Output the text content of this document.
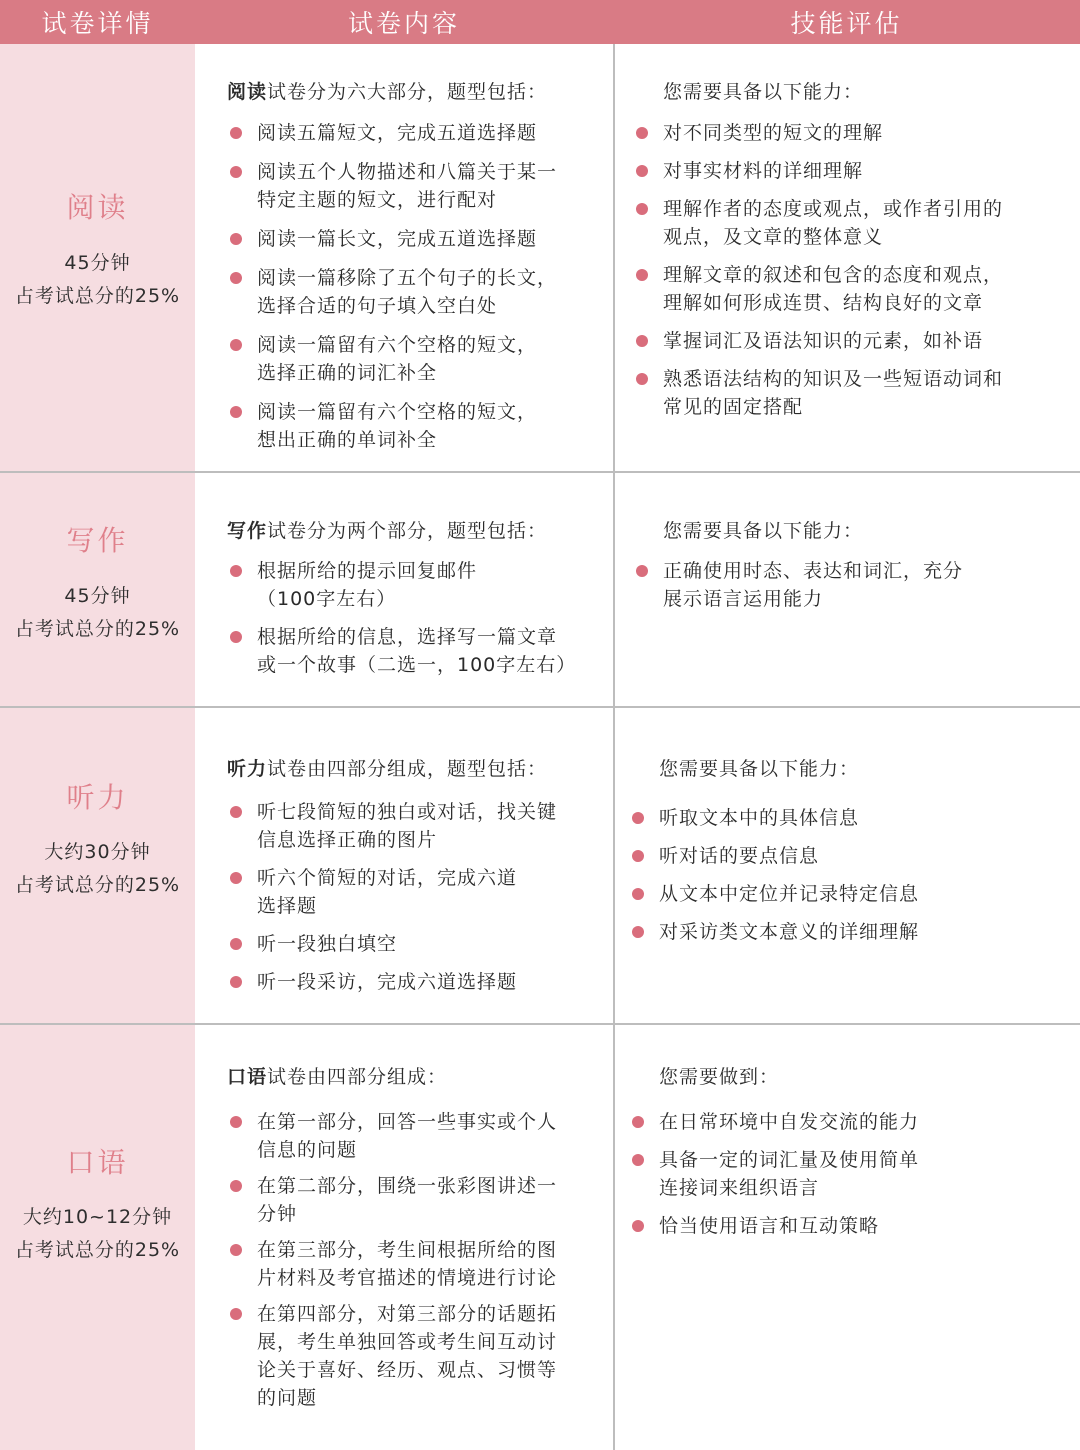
试卷详情	试卷内容	技能评估
阅读
45分钟
占考试总分的25%
阅读试卷分为六大部分，题型包括：
阅读五篇短文，完成五道选择题
阅读五个人物描述和八篇关于某一
特定主题的短文，进行配对
阅读一篇长文，完成五道选择题
阅读一篇移除了五个句子的长文，
选择合适的句子填入空白处
阅读一篇留有六个空格的短文，
选择正确的词汇补全
阅读一篇留有六个空格的短文，
想出正确的单词补全
您需要具备以下能力：
对不同类型的短文的理解
对事实材料的详细理解
理解作者的态度或观点，或作者引用的
观点，及文章的整体意义
理解文章的叙述和包含的态度和观点，
理解如何形成连贯、结构良好的文章
掌握词汇及语法知识的元素，如补语
熟悉语法结构的知识及一些短语动词和
常见的固定搭配
写作
45分钟
占考试总分的25%
写作试卷分为两个部分，题型包括：
根据所给的提示回复邮件
（100字左右）
根据所给的信息，选择写一篇文章
或一个故事（二选一，100字左右）
您需要具备以下能力：
正确使用时态、表达和词汇，充分
展示语言运用能力
听力
大约30分钟
占考试总分的25%
听力试卷由四部分组成，题型包括：
听七段简短的独白或对话，找关键
信息选择正确的图片
听六个简短的对话，完成六道
选择题
听一段独白填空
听一段采访，完成六道选择题
您需要具备以下能力：
听取文本中的具体信息
听对话的要点信息
从文本中定位并记录特定信息
对采访类文本意义的详细理解
口语
大约10~12分钟
占考试总分的25%
口语试卷由四部分组成：
在第一部分，回答一些事实或个人
信息的问题
在第二部分，围绕一张彩图讲述一
分钟
在第三部分，考生间根据所给的图
片材料及考官描述的情境进行讨论
在第四部分，对第三部分的话题拓
展，考生单独回答或考生间互动讨
论关于喜好、经历、观点、习惯等
的问题
您需要做到：
在日常环境中自发交流的能力
具备一定的词汇量及使用简单
连接词来组织语言
恰当使用语言和互动策略
